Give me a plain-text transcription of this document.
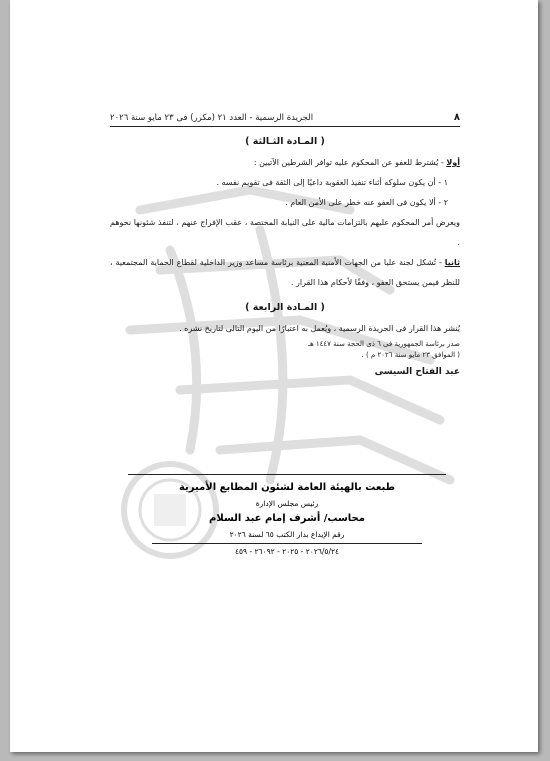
٨
الجريدة الرسمية - العدد ٢١ (مكرر) فى ٢٣ مايو سنة ٢٠٢٦
( المـادة الثـالثة )

أولا - يُشترط للعفو عن المحكوم عليه توافر الشرطين الآتيين :

١ - أن يكون سلوكه أثناء تنفيذ العقوبة داعيًا إلى الثقة فى تقويم نفسه .

٢ - ألا يكون فى العفو عنه خطر على الأمن العام .

ويعرض أمر المحكوم عليهم بالتزامات مالية على النيابة المختصة ، عقب الإفراج عنهم ، لتنفذ شئونها نحوهم .

ثانيا - تُشكل لجنة عليا من الجهات الأمنية المعنية برئاسة مساعد وزير الداخلية لقطاع الحماية المجتمعية ، للنظر فيمن يستحق العفو ، وفقًا لأحكام هذا القرار .

( المـادة الرابعة )

يُنشر هذا القرار فى الجريدة الرسمية ، ويُعمل به اعتبارًا من اليوم التالى لتاريخ نشره .

صدر برئاسة الجمهورية فى ٦ ذى الحجة سنة ١٤٤٧ هـ

( الموافق ٢٣ مايو سنة ٢٠٢٦ م ) .

عبد الفتاح السيسى
طبعت بالهيئة العامة لشئون المطابع الأميرية
رئيس مجلس الإدارة
محاسب/ أشرف إمام عبد السلام
رقم الإيداع بدار الكتب ٦٥ لسنة ٢٠٢٦
٢٠٢٦/٥/٢٤ - ٢٠٢٥ - ٢٦٠٩٢ - ٤٥٩
